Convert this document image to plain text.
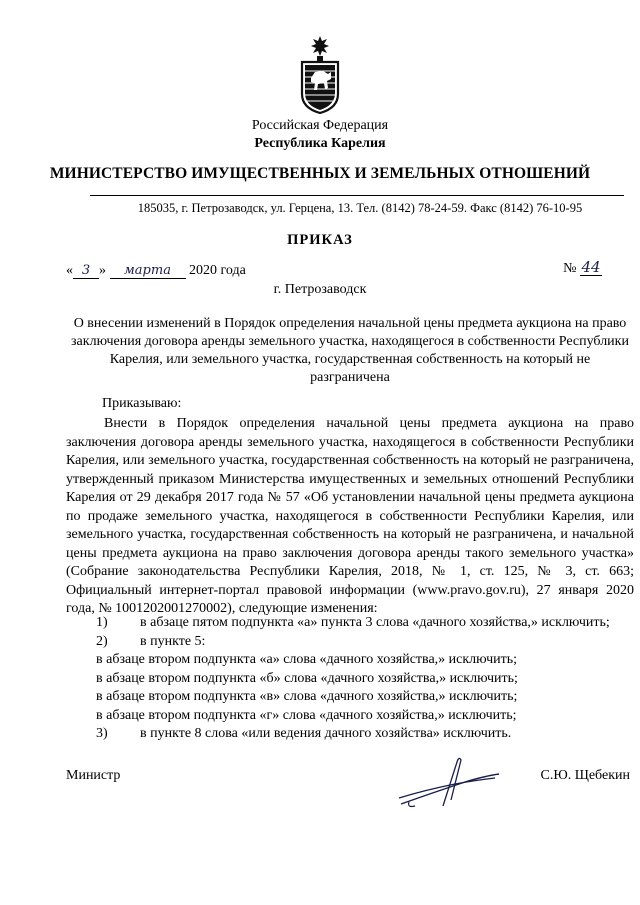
Российская Федерация
Республика Карелия
МИНИСТЕРСТВО ИМУЩЕСТВЕННЫХ И ЗЕМЕЛЬНЫХ ОТНОШЕНИЙ
185035, г. Петрозаводск, ул. Герцена, 13. Тел. (8142) 78-24-59. Факс (8142) 76-10-95
ПРИКАЗ
« 3 » марта 2020 года	№ 44
г. Петрозаводск
О внесении изменений в Порядок определения начальной цены предмета аукциона на право заключения договора аренды земельного участка, находящегося в собственности Республики Карелия, или земельного участка, государственная собственность на который не разграничена
Приказываю:
Внести в Порядок определения начальной цены предмета аукциона на право заключения договора аренды земельного участка, находящегося в собственности Республики Карелия, или земельного участка, государственная собственность на который не разграничена, утвержденный приказом Министерства имущественных и земельных отношений Республики Карелия от 29 декабря 2017 года № 57 «Об установлении начальной цены предмета аукциона по продаже земельного участка, находящегося в собственности Республики Карелия, или земельного участка, государственная собственность на который не разграничена, и начальной цены предмета аукциона на право заключения договора аренды такого земельного участка» (Собрание законодательства Республики Карелия, 2018, № 1, ст. 125, № 3, ст. 663; Официальный интернет-портал правовой информации (www.pravo.gov.ru), 27 января 2020 года, № 1001202001270002), следующие изменения:
1)	в абзаце пятом подпункта «а» пункта 3 слова «дачного хозяйства,» исключить;
2)	в пункте 5:
в абзаце втором подпункта «а» слова «дачного хозяйства,» исключить;
в абзаце втором подпункта «б» слова «дачного хозяйства,» исключить;
в абзаце втором подпункта «в» слова «дачного хозяйства,» исключить;
в абзаце втором подпункта «г» слова «дачного хозяйства,» исключить;
3)	в пункте 8 слова «или ведения дачного хозяйства» исключить.
Министр	С.Ю. Щебекин
